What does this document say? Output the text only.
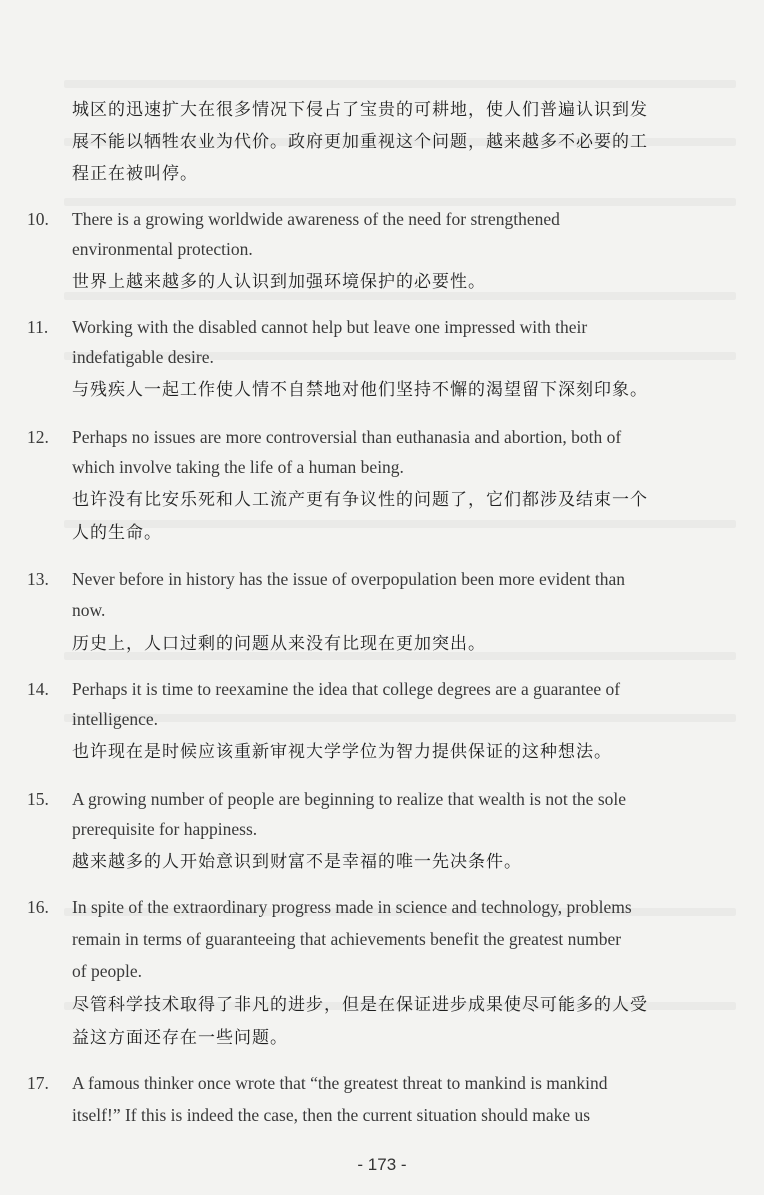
城区的迅速扩大在很多情况下侵占了宝贵的可耕地，使人们普遍认识到发
展不能以牺牲农业为代价。政府更加重视这个问题，越来越多不必要的工
程正在被叫停。
10.	There is a growing worldwide awareness of the need for strengthened
environmental protection.
世界上越来越多的人认识到加强环境保护的必要性。
11.	Working with the disabled cannot help but leave one impressed with their
indefatigable desire.
与残疾人一起工作使人情不自禁地对他们坚持不懈的渴望留下深刻印象。
12.	Perhaps no issues are more controversial than euthanasia and abortion, both of
which involve taking the life of a human being.
也许没有比安乐死和人工流产更有争议性的问题了，它们都涉及结束一个
人的生命。
13.	Never before in history has the issue of overpopulation been more evident than
now.
历史上，人口过剩的问题从来没有比现在更加突出。
14.	Perhaps it is time to reexamine the idea that college degrees are a guarantee of
intelligence.
也许现在是时候应该重新审视大学学位为智力提供保证的这种想法。
15.	A growing number of people are beginning to realize that wealth is not the sole
prerequisite for happiness.
越来越多的人开始意识到财富不是幸福的唯一先决条件。
16.	In spite of the extraordinary progress made in science and technology, problems
remain in terms of guaranteeing that achievements benefit the greatest number
of people.
尽管科学技术取得了非凡的进步，但是在保证进步成果使尽可能多的人受
益这方面还存在一些问题。
17.	A famous thinker once wrote that “the greatest threat to mankind is mankind
itself!” If this is indeed the case, then the current situation should make us
- 173 -
